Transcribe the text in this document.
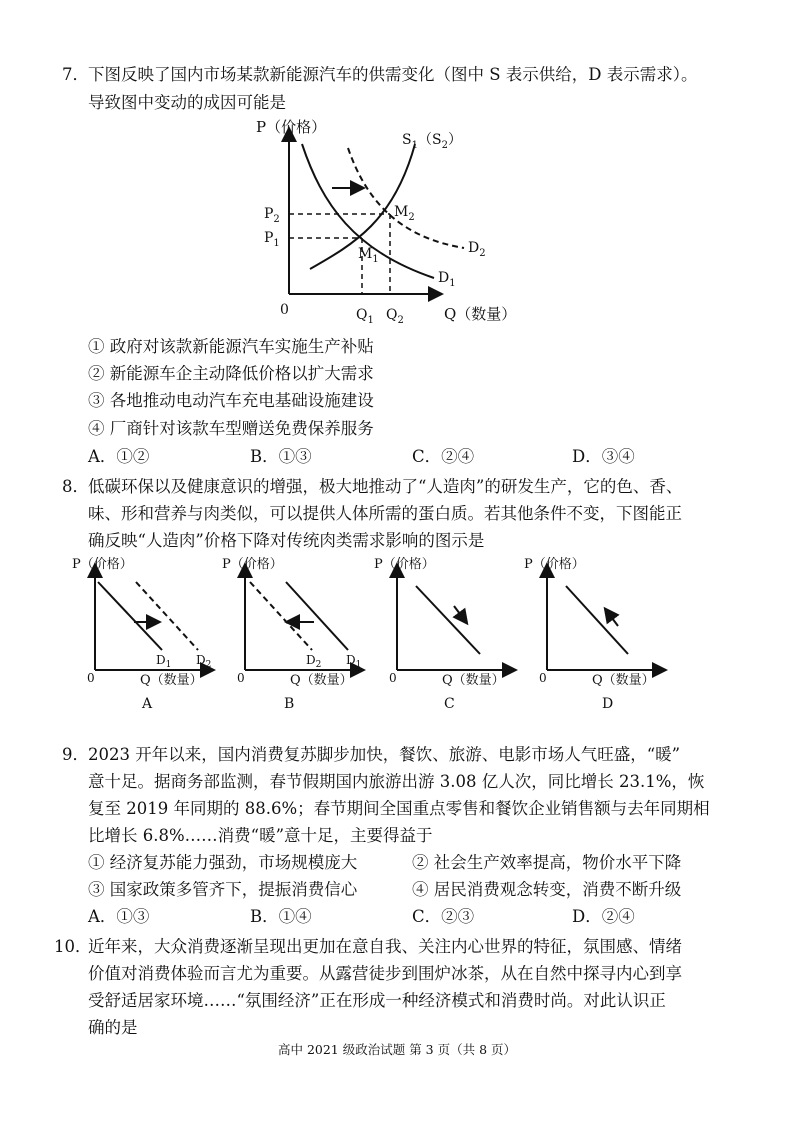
7． 下图反映了国内市场某款新能源汽车的供需变化（图中 S 表示供给，D 表示需求）。
导致图中变动的成因可能是
P（价格）
Q（数量）
0
$S_1(S_2)$
$D_1$
$D_2$
$P_2$	$M_2$
$P_1$
$M_1$
$Q_1$ $Q_2$
① 政府对该款新能源汽车实施生产补贴
② 新能源车企主动降低价格以扩大需求
③ 各地推动电动汽车充电基础设施建设
④ 厂商针对该款车型赠送免费保养服务
A．①②	B．①③	C．②④	D．③④
8． 低碳环保以及健康意识的增强，极大地推动了“人造肉”的研发生产，它的色、香、
味、形和营养与肉类似，可以提供人体所需的蛋白质。若其他条件不变，下图能正
确反映“人造肉”价格下降对传统肉类需求影响的图示是
P（价格）
Q（数量）
0
$D_1$ $D_2$
A
P（价格）
Q（数量）
0
$D_2$ $D_1$
B
P（价格）
Q（数量）
0
C
P（价格）
Q（数量）
0
D
9． 2023 开年以来，国内消费复苏脚步加快，餐饮、旅游、电影市场人气旺盛，“暖”
意十足。据商务部监测，春节假期国内旅游出游 3.08 亿人次，同比增长 23.1%，恢
复至 2019 年同期的 88.6%；春节期间全国重点零售和餐饮企业销售额与去年同期相
比增长 6.8%……消费“暖”意十足，主要得益于
① 经济复苏能力强劲，市场规模庞大	② 社会生产效率提高，物价水平下降
③ 国家政策多管齐下，提振消费信心	④ 居民消费观念转变，消费不断升级
A．①③	B．①④	C．②③	D．②④
10．
近年来，大众消费逐渐呈现出更加在意自我、关注内心世界的特征，氛围感、情绪
价值对消费体验而言尤为重要。从露营徒步到围炉冰茶，从在自然中探寻内心到享
受舒适居家环境……“氛围经济”正在形成一种经济模式和消费时尚。对此认识正
确的是
高中 2021 级政治试题 第 3 页（共 8 页）
